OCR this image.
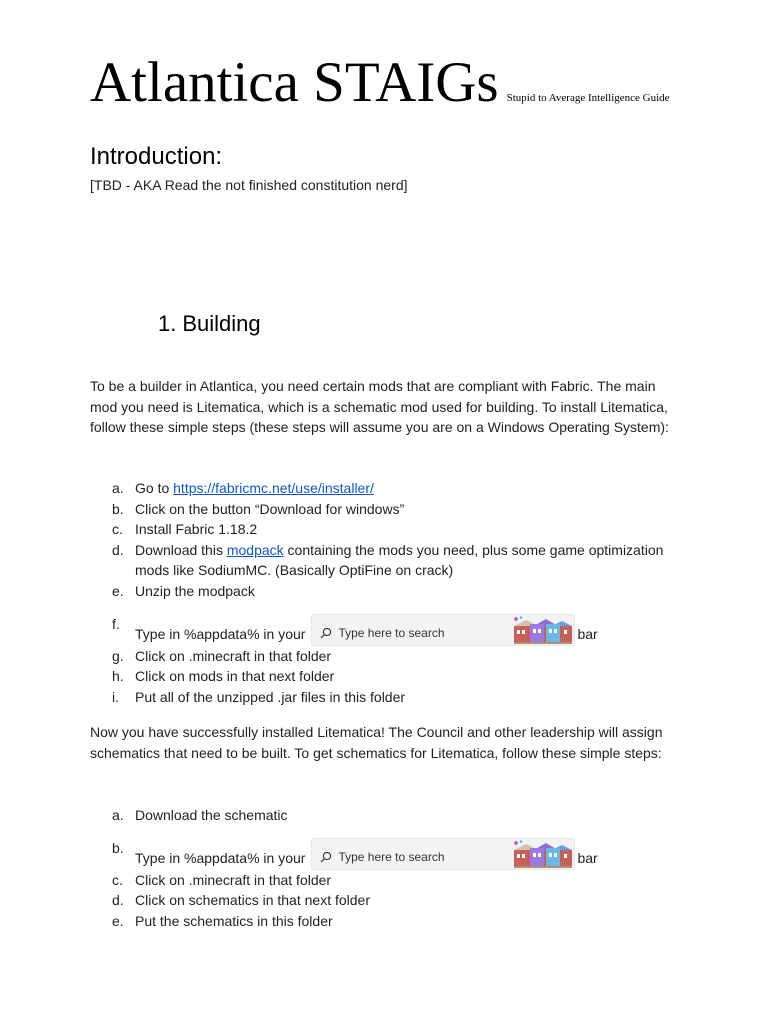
Atlantica STAIGs Stupid to Average Intelligence Guide
Introduction:
[TBD - AKA Read the not finished constitution nerd]
1. Building
To be a builder in Atlantica, you need certain mods that are compliant with Fabric. The main mod you need is Litematica, which is a schematic mod used for building. To install Litematica, follow these simple steps (these steps will assume you are on a Windows Operating System):
a. Go to https://fabricmc.net/use/installer/
b. Click on the button “Download for windows”
c. Install Fabric 1.18.2
d. Download this modpack containing the mods you need, plus some game optimization mods like SodiumMC. (Basically OptiFine on crack)
e. Unzip the modpack
f.
Type in %appdata% in your	Type here to search	bar
g. Click on .minecraft in that folder
h. Click on mods in that next folder
i.	Put all of the unzipped .jar files in this folder
Now you have successfully installed Litematica! The Council and other leadership will assign schematics that need to be built. To get schematics for Litematica, follow these simple steps:
a. Download the schematic
b.
Type in %appdata% in your	Type here to search	bar
c. Click on .minecraft in that folder
d. Click on schematics in that next folder
e. Put the schematics in this folder
